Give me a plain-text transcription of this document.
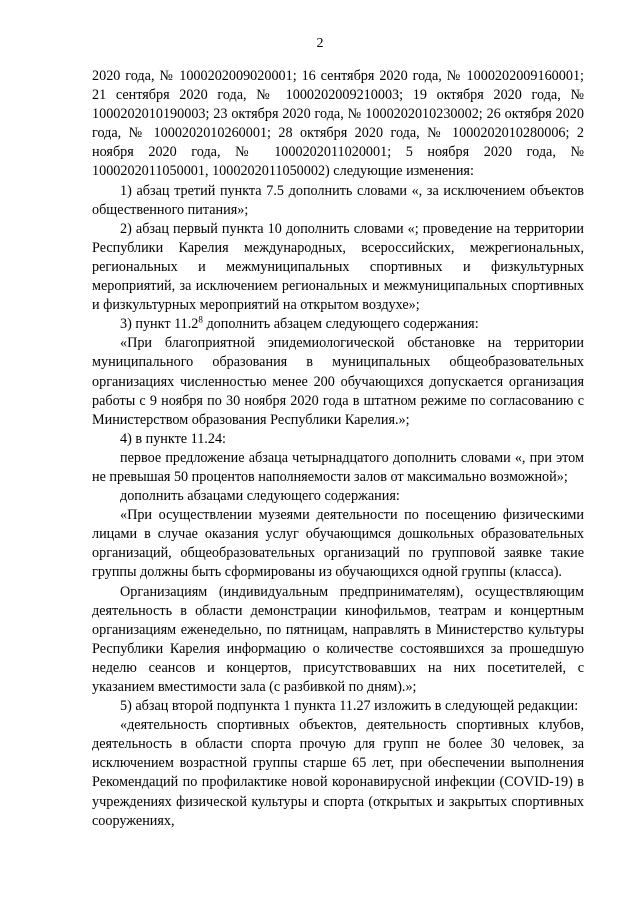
2

2020 года, № 1000202009020001; 16 сентября 2020 года, № 1000202009160001; 21 сентября 2020 года, № 1000202009210003; 19 октября 2020 года, № 1000202010190003; 23 октября 2020 года, № 1000202010230002; 26 октября 2020 года, № 1000202010260001; 28 октября 2020 года, № 1000202010280006; 2 ноября 2020 года, № 1000202011020001; 5 ноября 2020 года, № 1000202011050001, 1000202011050002) следующие изменения:

1) абзац третий пункта 7.5 дополнить словами «, за исключением объектов общественного питания»;

2) абзац первый пункта 10 дополнить словами «; проведение на территории Республики Карелия международных, всероссийских, межрегиональных, региональных и межмуниципальных спортивных и физкультурных мероприятий, за исключением региональных и межмуниципальных спортивных и физкультурных мероприятий на открытом воздухе»;

3) пункт 11.2$^8$ дополнить абзацем следующего содержания:

«При благоприятной эпидемиологической обстановке на территории муниципального образования в муниципальных общеобразовательных организациях численностью менее 200 обучающихся допускается организация работы с 9 ноября по 30 ноября 2020 года в штатном режиме по согласованию с Министерством образования Республики Карелия.»;

4) в пункте 11.24:

первое предложение абзаца четырнадцатого дополнить словами «, при этом не превышая 50 процентов наполняемости залов от максимально возможной»;

дополнить абзацами следующего содержания:

«При осуществлении музеями деятельности по посещению физическими лицами в случае оказания услуг обучающимся дошкольных образовательных организаций, общеобразовательных организаций по групповой заявке такие группы должны быть сформированы из обучающихся одной группы (класса).

Организациям (индивидуальным предпринимателям), осуществляющим деятельность в области демонстрации кинофильмов, театрам и концертным организациям еженедельно, по пятницам, направлять в Министерство культуры Республики Карелия информацию о количестве состоявшихся за прошедшую неделю сеансов и концертов, присутствовавших на них посетителей, с указанием вместимости зала (с разбивкой по дням).»;

5) абзац второй подпункта 1 пункта 11.27 изложить в следующей редакции:

«деятельность спортивных объектов, деятельность спортивных клубов, деятельность в области спорта прочую для групп не более 30 человек, за исключением возрастной группы старше 65 лет, при обеспечении выполнения Рекомендаций по профилактике новой коронавирусной инфекции (COVID-19) в учреждениях физической культуры и спорта (открытых и закрытых спортивных сооружениях,
